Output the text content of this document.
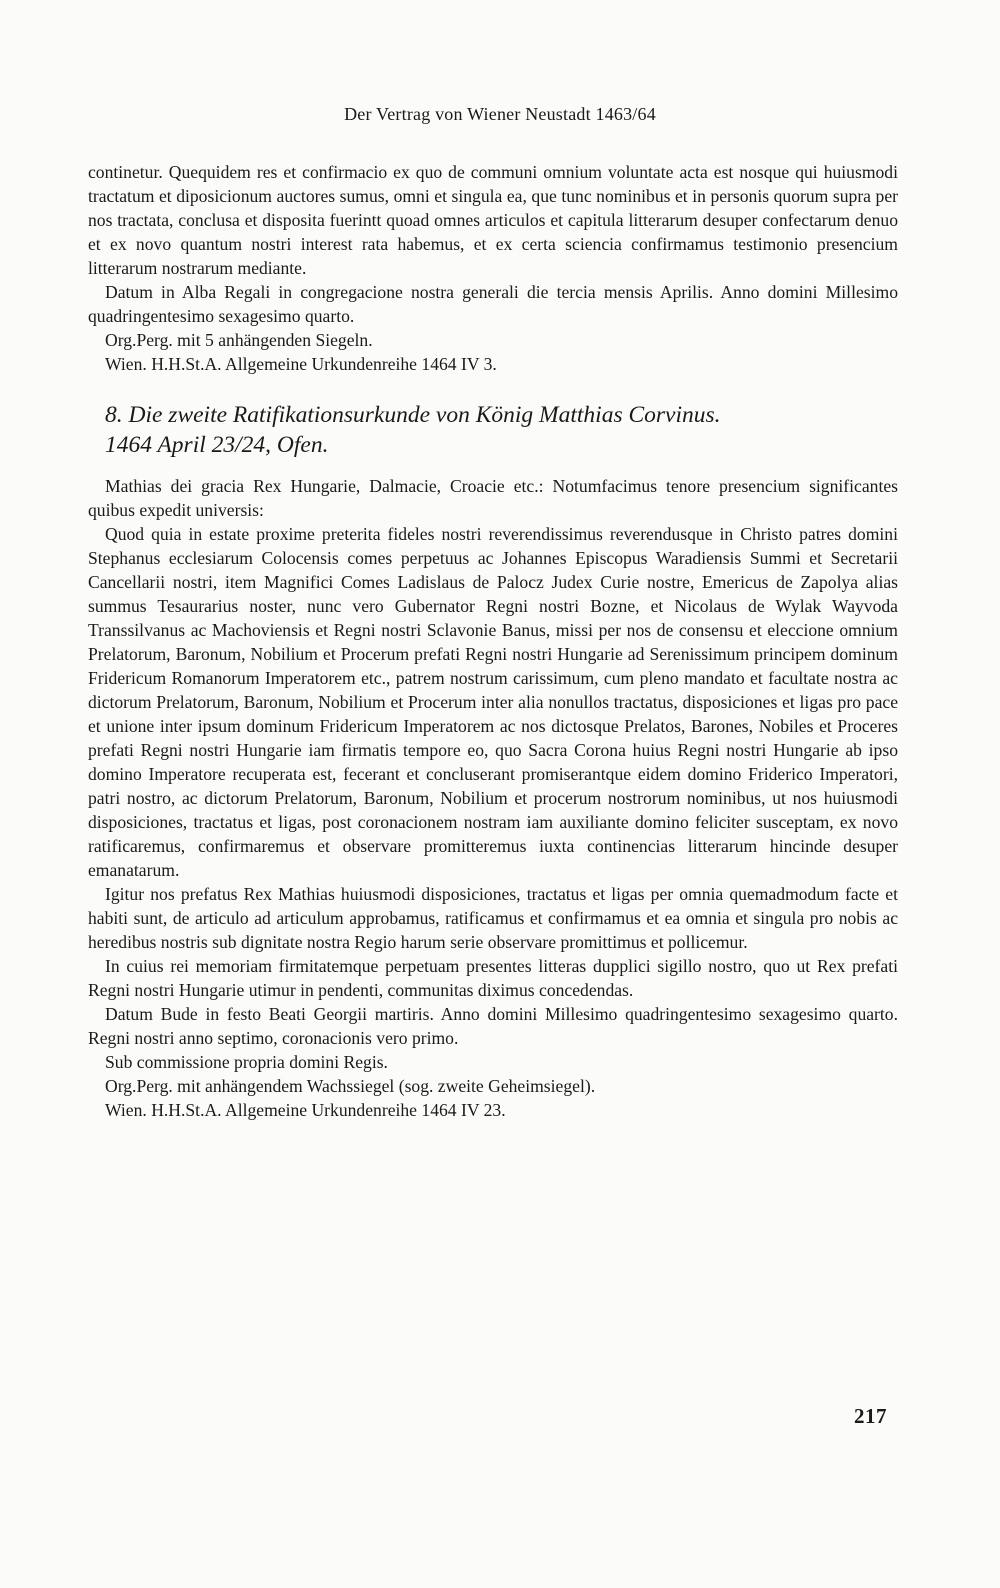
Der Vertrag von Wiener Neustadt 1463/64

continetur. Quequidem res et confirmacio ex quo de communi omnium voluntate acta est nosque qui huiusmodi tractatum et diposicionum auctores sumus, omni et singula ea, que tunc nominibus et in personis quorum supra per nos tractata, conclusa et disposita fuerintt quoad omnes articulos et capitula litterarum desuper confectarum denuo et ex novo quantum nostri interest rata habemus, et ex certa sciencia confirmamus testimonio presencium litterarum nostrarum mediante.

Datum in Alba Regali in congregacione nostra generali die tercia mensis Aprilis. Anno domini Millesimo quadringentesimo sexagesimo quarto.

Org.Perg. mit 5 anhängenden Siegeln.

Wien. H.H.St.A. Allgemeine Urkundenreihe 1464 IV 3.

8. Die zweite Ratifikationsurkunde von König Matthias Corvinus.
1464 April 23/24, Ofen.

Mathias dei gracia Rex Hungarie, Dalmacie, Croacie etc.: Notumfacimus tenore presencium significantes quibus expedit universis:

Quod quia in estate proxime preterita fideles nostri reverendissimus reverendusque in Christo patres domini Stephanus ecclesiarum Colocensis comes perpetuus ac Johannes Episcopus Waradiensis Summi et Secretarii Cancellarii nostri, item Magnifici Comes Ladislaus de Palocz Judex Curie nostre, Emericus de Zapolya alias summus Tesaurarius noster, nunc vero Gubernator Regni nostri Bozne, et Nicolaus de Wylak Wayvoda Transsilvanus ac Machoviensis et Regni nostri Sclavonie Banus, missi per nos de consensu et eleccione omnium Prelatorum, Baronum, Nobilium et Procerum prefati Regni nostri Hungarie ad Serenissimum principem dominum Fridericum Romanorum Imperatorem etc., patrem nostrum carissimum, cum pleno mandato et facultate nostra ac dictorum Prelatorum, Baronum, Nobilium et Procerum inter alia nonullos tractatus, disposiciones et ligas pro pace et unione inter ipsum dominum Fridericum Imperatorem ac nos dictosque Prelatos, Barones, Nobiles et Proceres prefati Regni nostri Hungarie iam firmatis tempore eo, quo Sacra Corona huius Regni nostri Hungarie ab ipso domino Imperatore recuperata est, fecerant et concluserant promiserantque eidem domino Friderico Imperatori, patri nostro, ac dictorum Prelatorum, Baronum, Nobilium et procerum nostrorum nominibus, ut nos huiusmodi disposiciones, tractatus et ligas, post coronacionem nostram iam auxiliante domino feliciter susceptam, ex novo ratificaremus, confirmaremus et observare promitteremus iuxta continencias litterarum hincinde desuper emanatarum.

Igitur nos prefatus Rex Mathias huiusmodi disposiciones, tractatus et ligas per omnia quemadmodum facte et habiti sunt, de articulo ad articulum approbamus, ratificamus et confirmamus et ea omnia et singula pro nobis ac heredibus nostris sub dignitate nostra Regio harum serie observare promittimus et pollicemur.

In cuius rei memoriam firmitatemque perpetuam presentes litteras dupplici sigillo nostro, quo ut Rex prefati Regni nostri Hungarie utimur in pendenti, communitas diximus concedendas.

Datum Bude in festo Beati Georgii martiris. Anno domini Millesimo quadringentesimo sexagesimo quarto. Regni nostri anno septimo, coronacionis vero primo.

Sub commissione propria domini Regis.

Org.Perg. mit anhängendem Wachssiegel (sog. zweite Geheimsiegel).

Wien. H.H.St.A. Allgemeine Urkundenreihe 1464 IV 23.

217
